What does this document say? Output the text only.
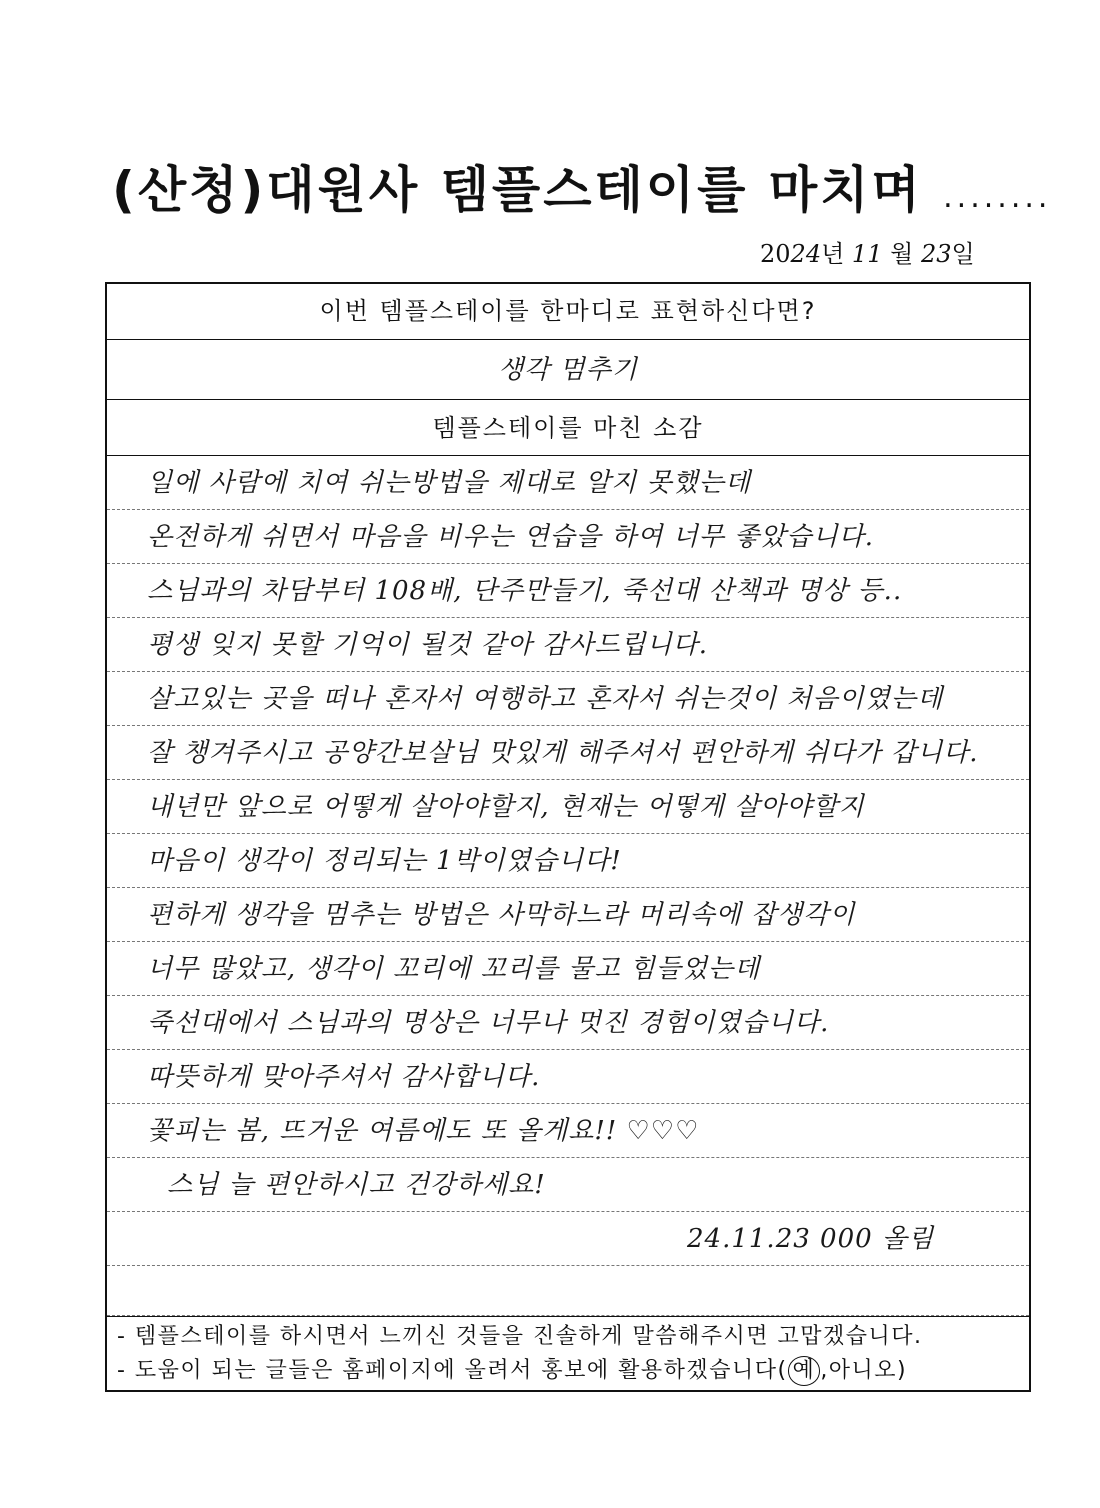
(산청)대원사 템플스테이를 마치며 ........
2024년 11 월 23일
이번 템플스테이를 한마디로 표현하신다면?
생각 멈추기
템플스테이를 마친 소감
일에 사람에 치여 쉬는방법을 제대로 알지 못했는데
온전하게 쉬면서 마음을 비우는 연습을 하여 너무 좋았습니다.
스님과의 차담부터 108배, 단주만들기, 죽선대 산책과 명상 등..
평생 잊지 못할 기억이 될것 같아 감사드립니다.
살고있는 곳을 떠나 혼자서 여행하고 혼자서 쉬는것이 처음이였는데
잘 챙겨주시고 공양간보살님 맛있게 해주셔서 편안하게 쉬다가 갑니다.
내년만 앞으로 어떻게 살아야할지, 현재는 어떻게 살아야할지
마음이 생각이 정리되는 1박이였습니다!
편하게 생각을 멈추는 방법은 사막하느라 머리속에 잡생각이
너무 많았고, 생각이 꼬리에 꼬리를 물고 힘들었는데
죽선대에서 스님과의 명상은 너무나 멋진 경험이였습니다.
따뜻하게 맞아주셔서 감사합니다.
꽃피는 봄, 뜨거운 여름에도 또 올게요!! ♡♡♡
스님 늘 편안하시고 건강하세요!
24.11.23 000 올림
- 템플스테이를 하시면서 느끼신 것들을 진솔하게 말씀해주시면 고맙겠습니다.
- 도움이 되는 글들은 홈페이지에 올려서 홍보에 활용하겠습니다( 예 ,아니오)
